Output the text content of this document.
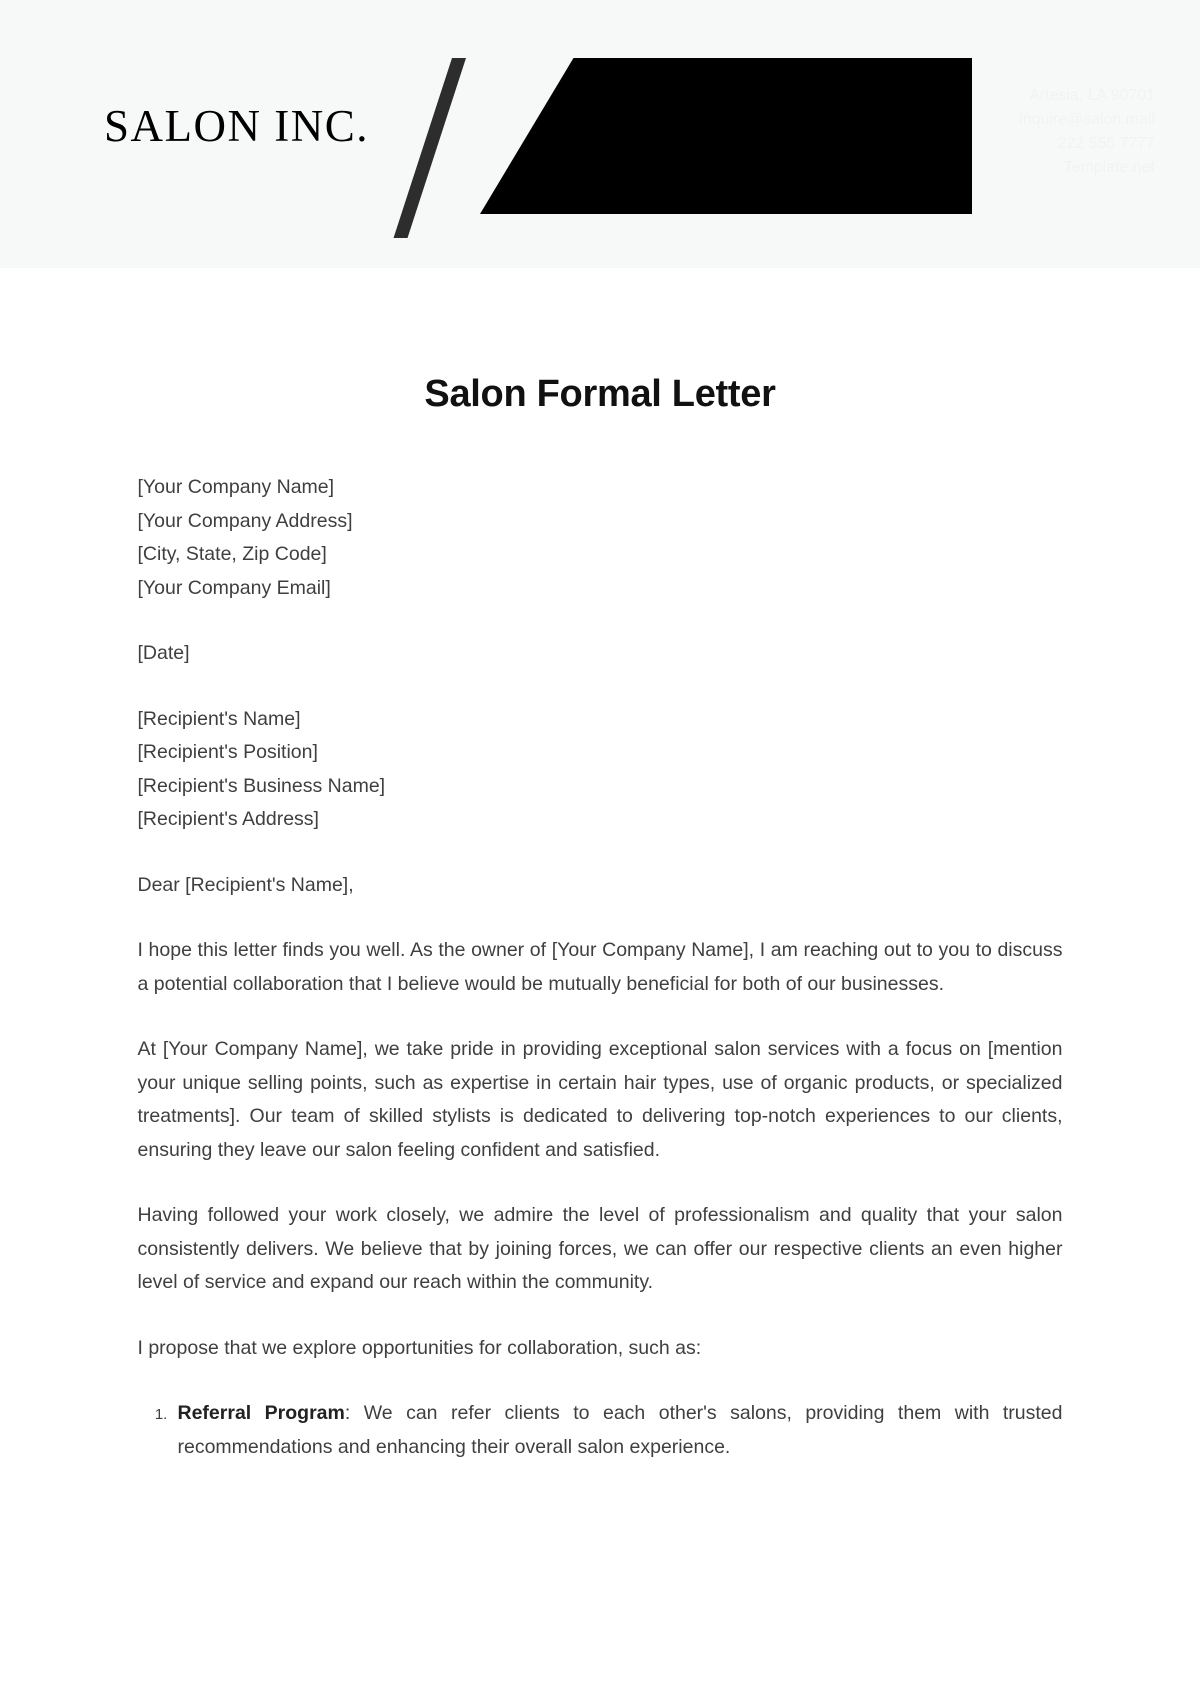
SALON INC.
Artesia, LA 90701
inquire@salon.mail
222 555 7777
Template.net
Salon Formal Letter
[Your Company Name]
[Your Company Address]
[City, State, Zip Code]
[Your Company Email]
[Date]
[Recipient's Name]
[Recipient's Position]
[Recipient's Business Name]
[Recipient's Address]
Dear [Recipient's Name],

I hope this letter finds you well. As the owner of [Your Company Name], I am reaching out to you to discuss a potential collaboration that I believe would be mutually beneficial for both of our businesses.

At [Your Company Name], we take pride in providing exceptional salon services with a focus on [mention your unique selling points, such as expertise in certain hair types, use of organic products, or specialized treatments]. Our team of skilled stylists is dedicated to delivering top-notch experiences to our clients, ensuring they leave our salon feeling confident and satisfied.

Having followed your work closely, we admire the level of professionalism and quality that your salon consistently delivers. We believe that by joining forces, we can offer our respective clients an even higher level of service and expand our reach within the community.

I propose that we explore opportunities for collaboration, such as:

1. Referral Program: We can refer clients to each other's salons, providing them with trusted recommendations and enhancing their overall salon experience.
